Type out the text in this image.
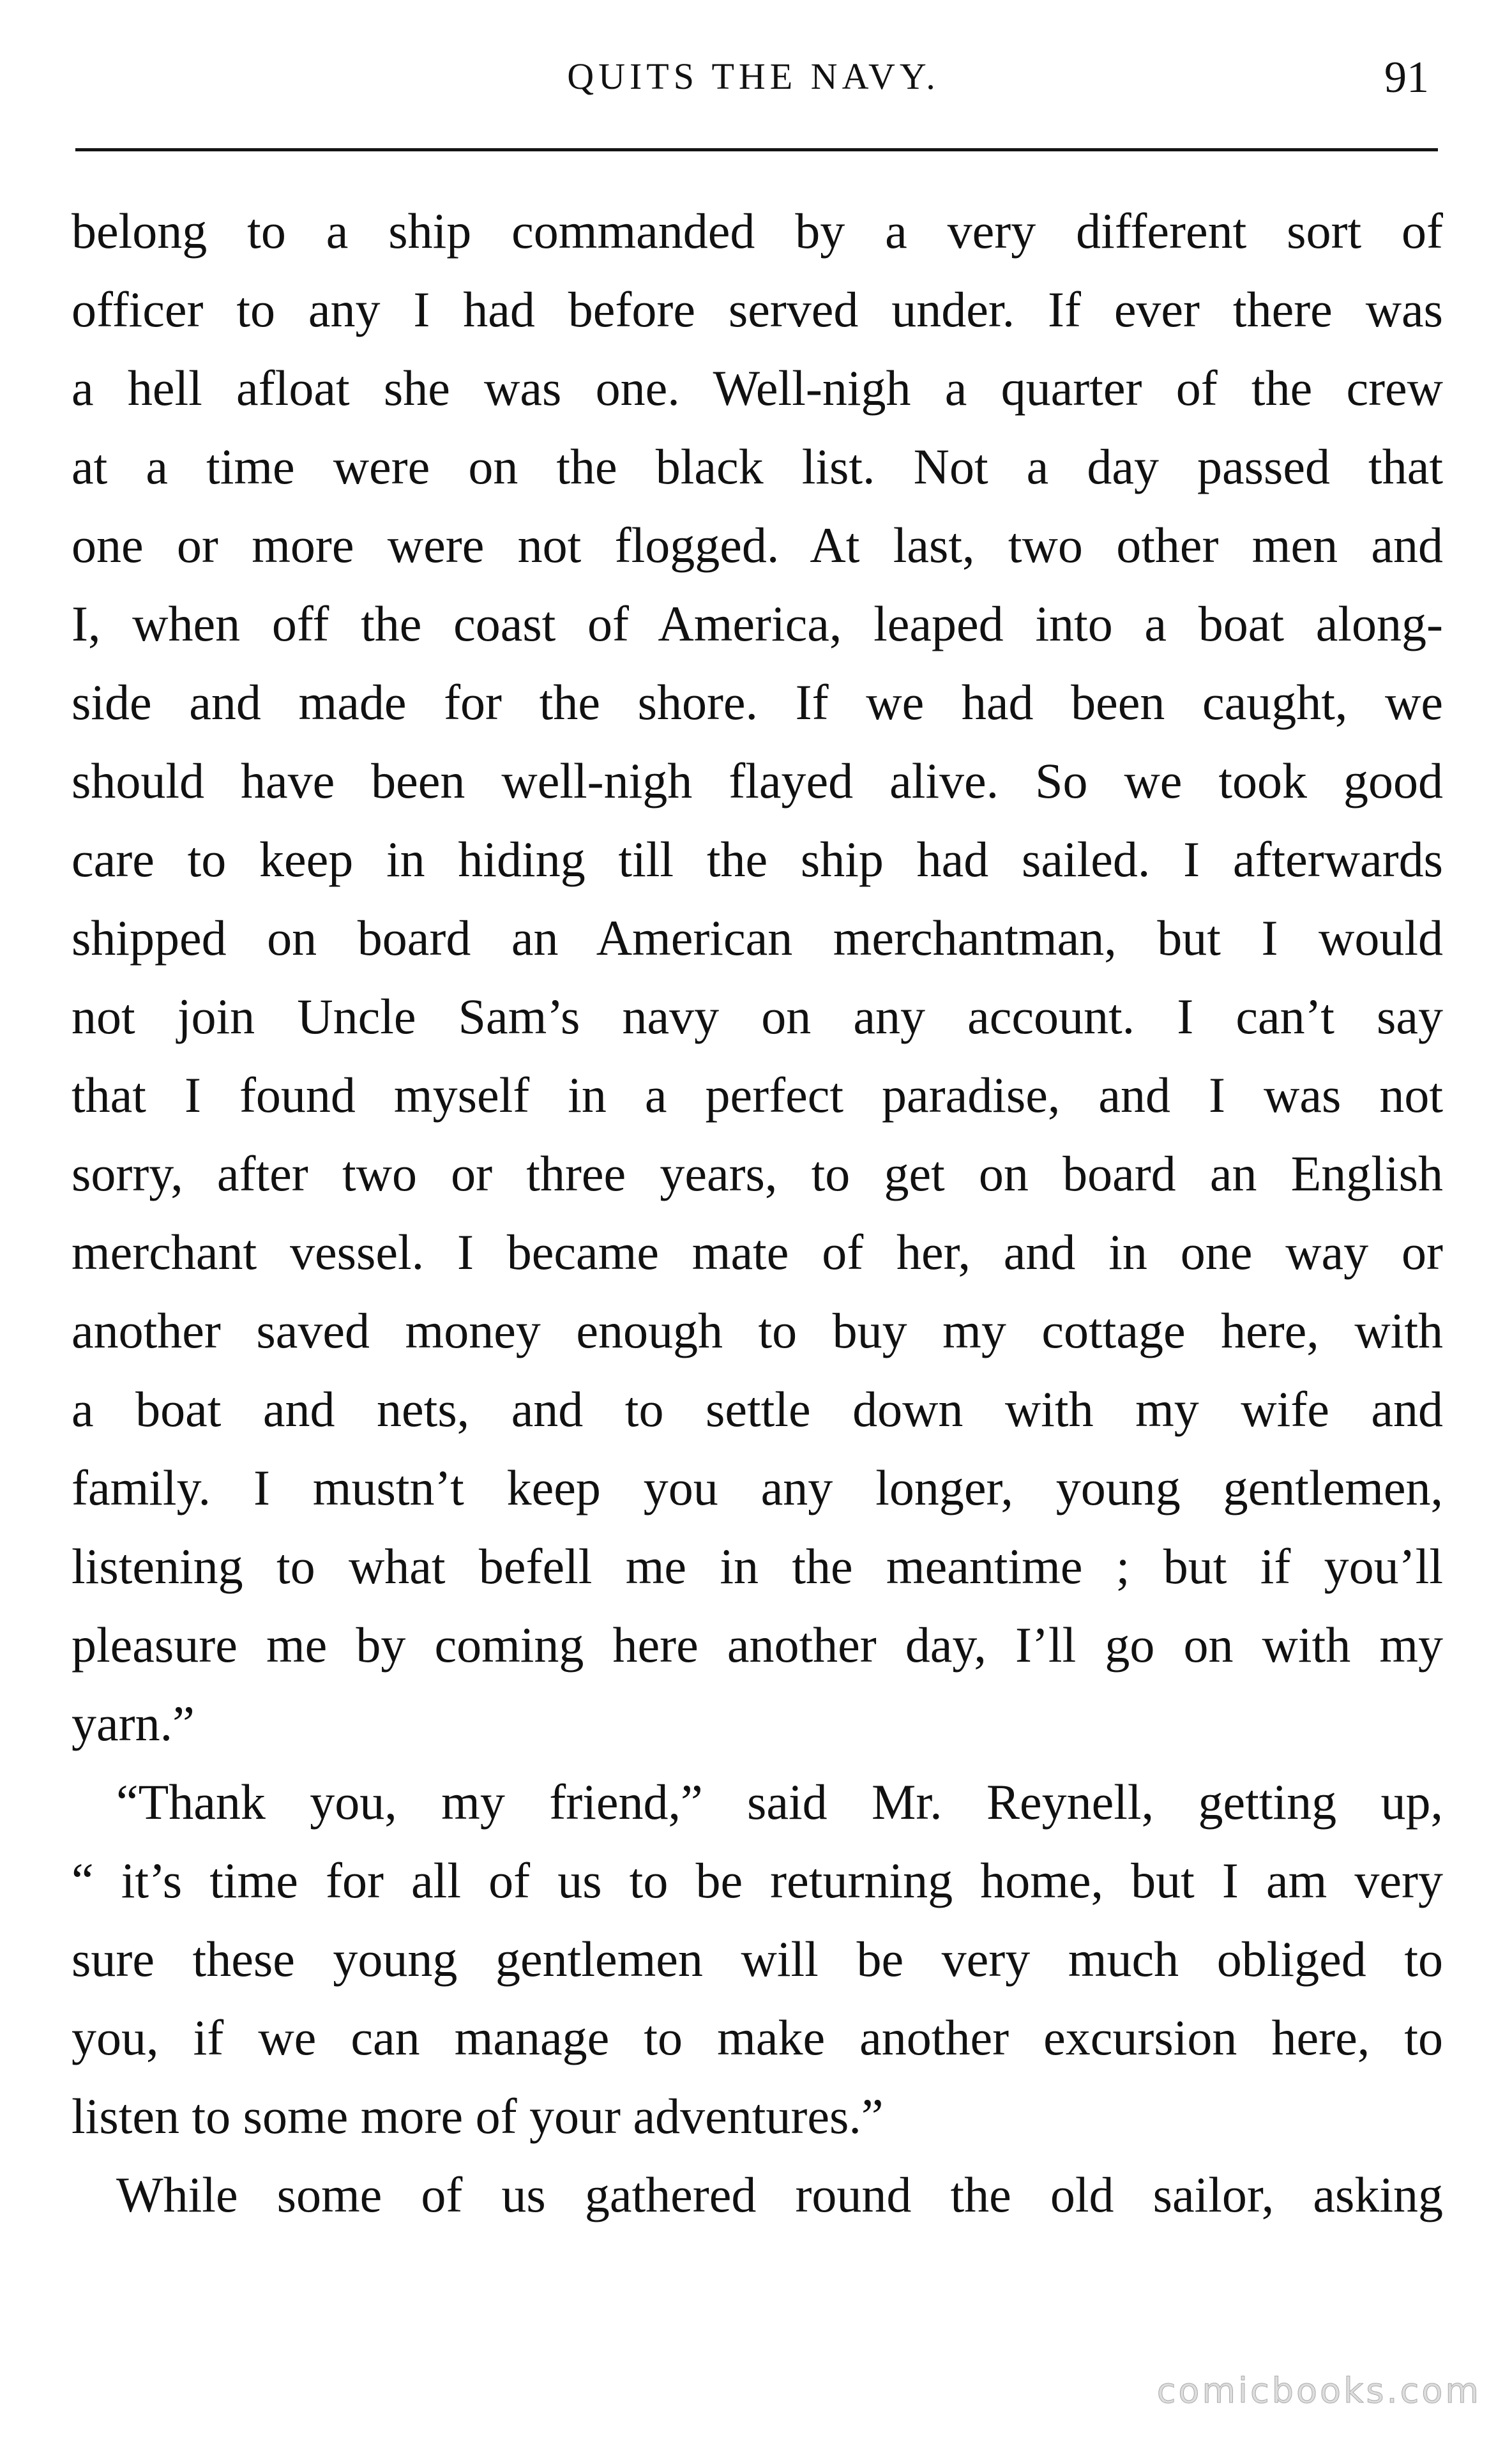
QUITS THE NAVY.	91
belong to a ship commanded by a very different sort of
officer to any I had before served under. If ever there was
a hell afloat she was one. Well-nigh a quarter of the crew
at a time were on the black list. Not a day passed that
one or more were not flogged. At last, two other men and
I, when off the coast of America, leaped into a boat along-
side and made for the shore. If we had been caught, we
should have been well-nigh flayed alive. So we took good
care to keep in hiding till the ship had sailed. I afterwards
shipped on board an American merchantman, but I would
not join Uncle Sam’s navy on any account. I can’t say
that I found myself in a perfect paradise, and I was not
sorry, after two or three years, to get on board an English
merchant vessel. I became mate of her, and in one way or
another saved money enough to buy my cottage here, with
a boat and nets, and to settle down with my wife and
family. I mustn’t keep you any longer, young gentlemen,
listening to what befell me in the meantime ; but if you’ll
pleasure me by coming here another day, I’ll go on with my
yarn.”
“Thank you, my friend,” said Mr. Reynell, getting up,
“ it’s time for all of us to be returning home, but I am very
sure these young gentlemen will be very much obliged to
you, if we can manage to make another excursion here, to
listen to some more of your adventures.”
While some of us gathered round the old sailor, asking
comicbooks.com
